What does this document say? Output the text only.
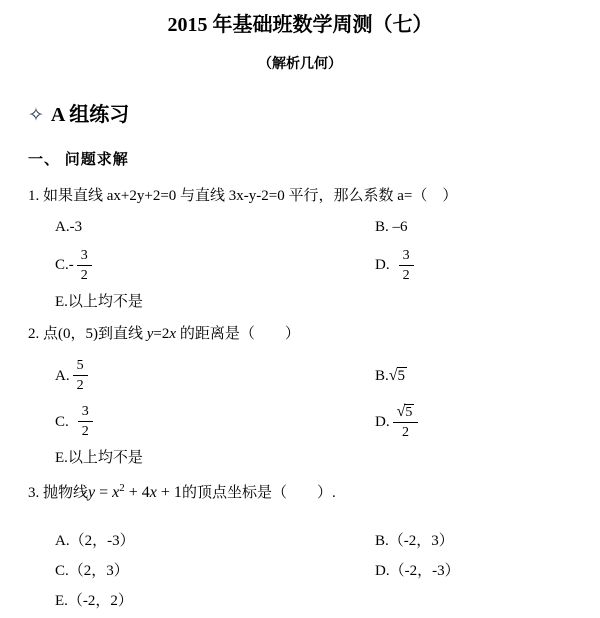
2015 年基础班数学周测（七）
（解析几何）
✧ A 组练习
一、 问题求解
1. 如果直线 ax+2y+2=0 与直线 3x-y-2=0 平行，那么系数 a=（　）
A.-3	B. –6
$C.- \frac{3}{2}$	D. $\frac{3}{2}$
E.以上均不是
2. 点(0，5)到直线 y=2x 的距离是（　　）
A. $\frac{5}{2}$	B. √5
C. $\frac{3}{2}$	D. $\frac{√5}{2}$
E.以上均不是
3. 抛物线$y = x^2 + 4x + 1$的顶点坐标是（　　）.
A.（2，-3）	B.（-2，3）
C.（2，3）	D.（-2，-3）
E.（-2，2）
